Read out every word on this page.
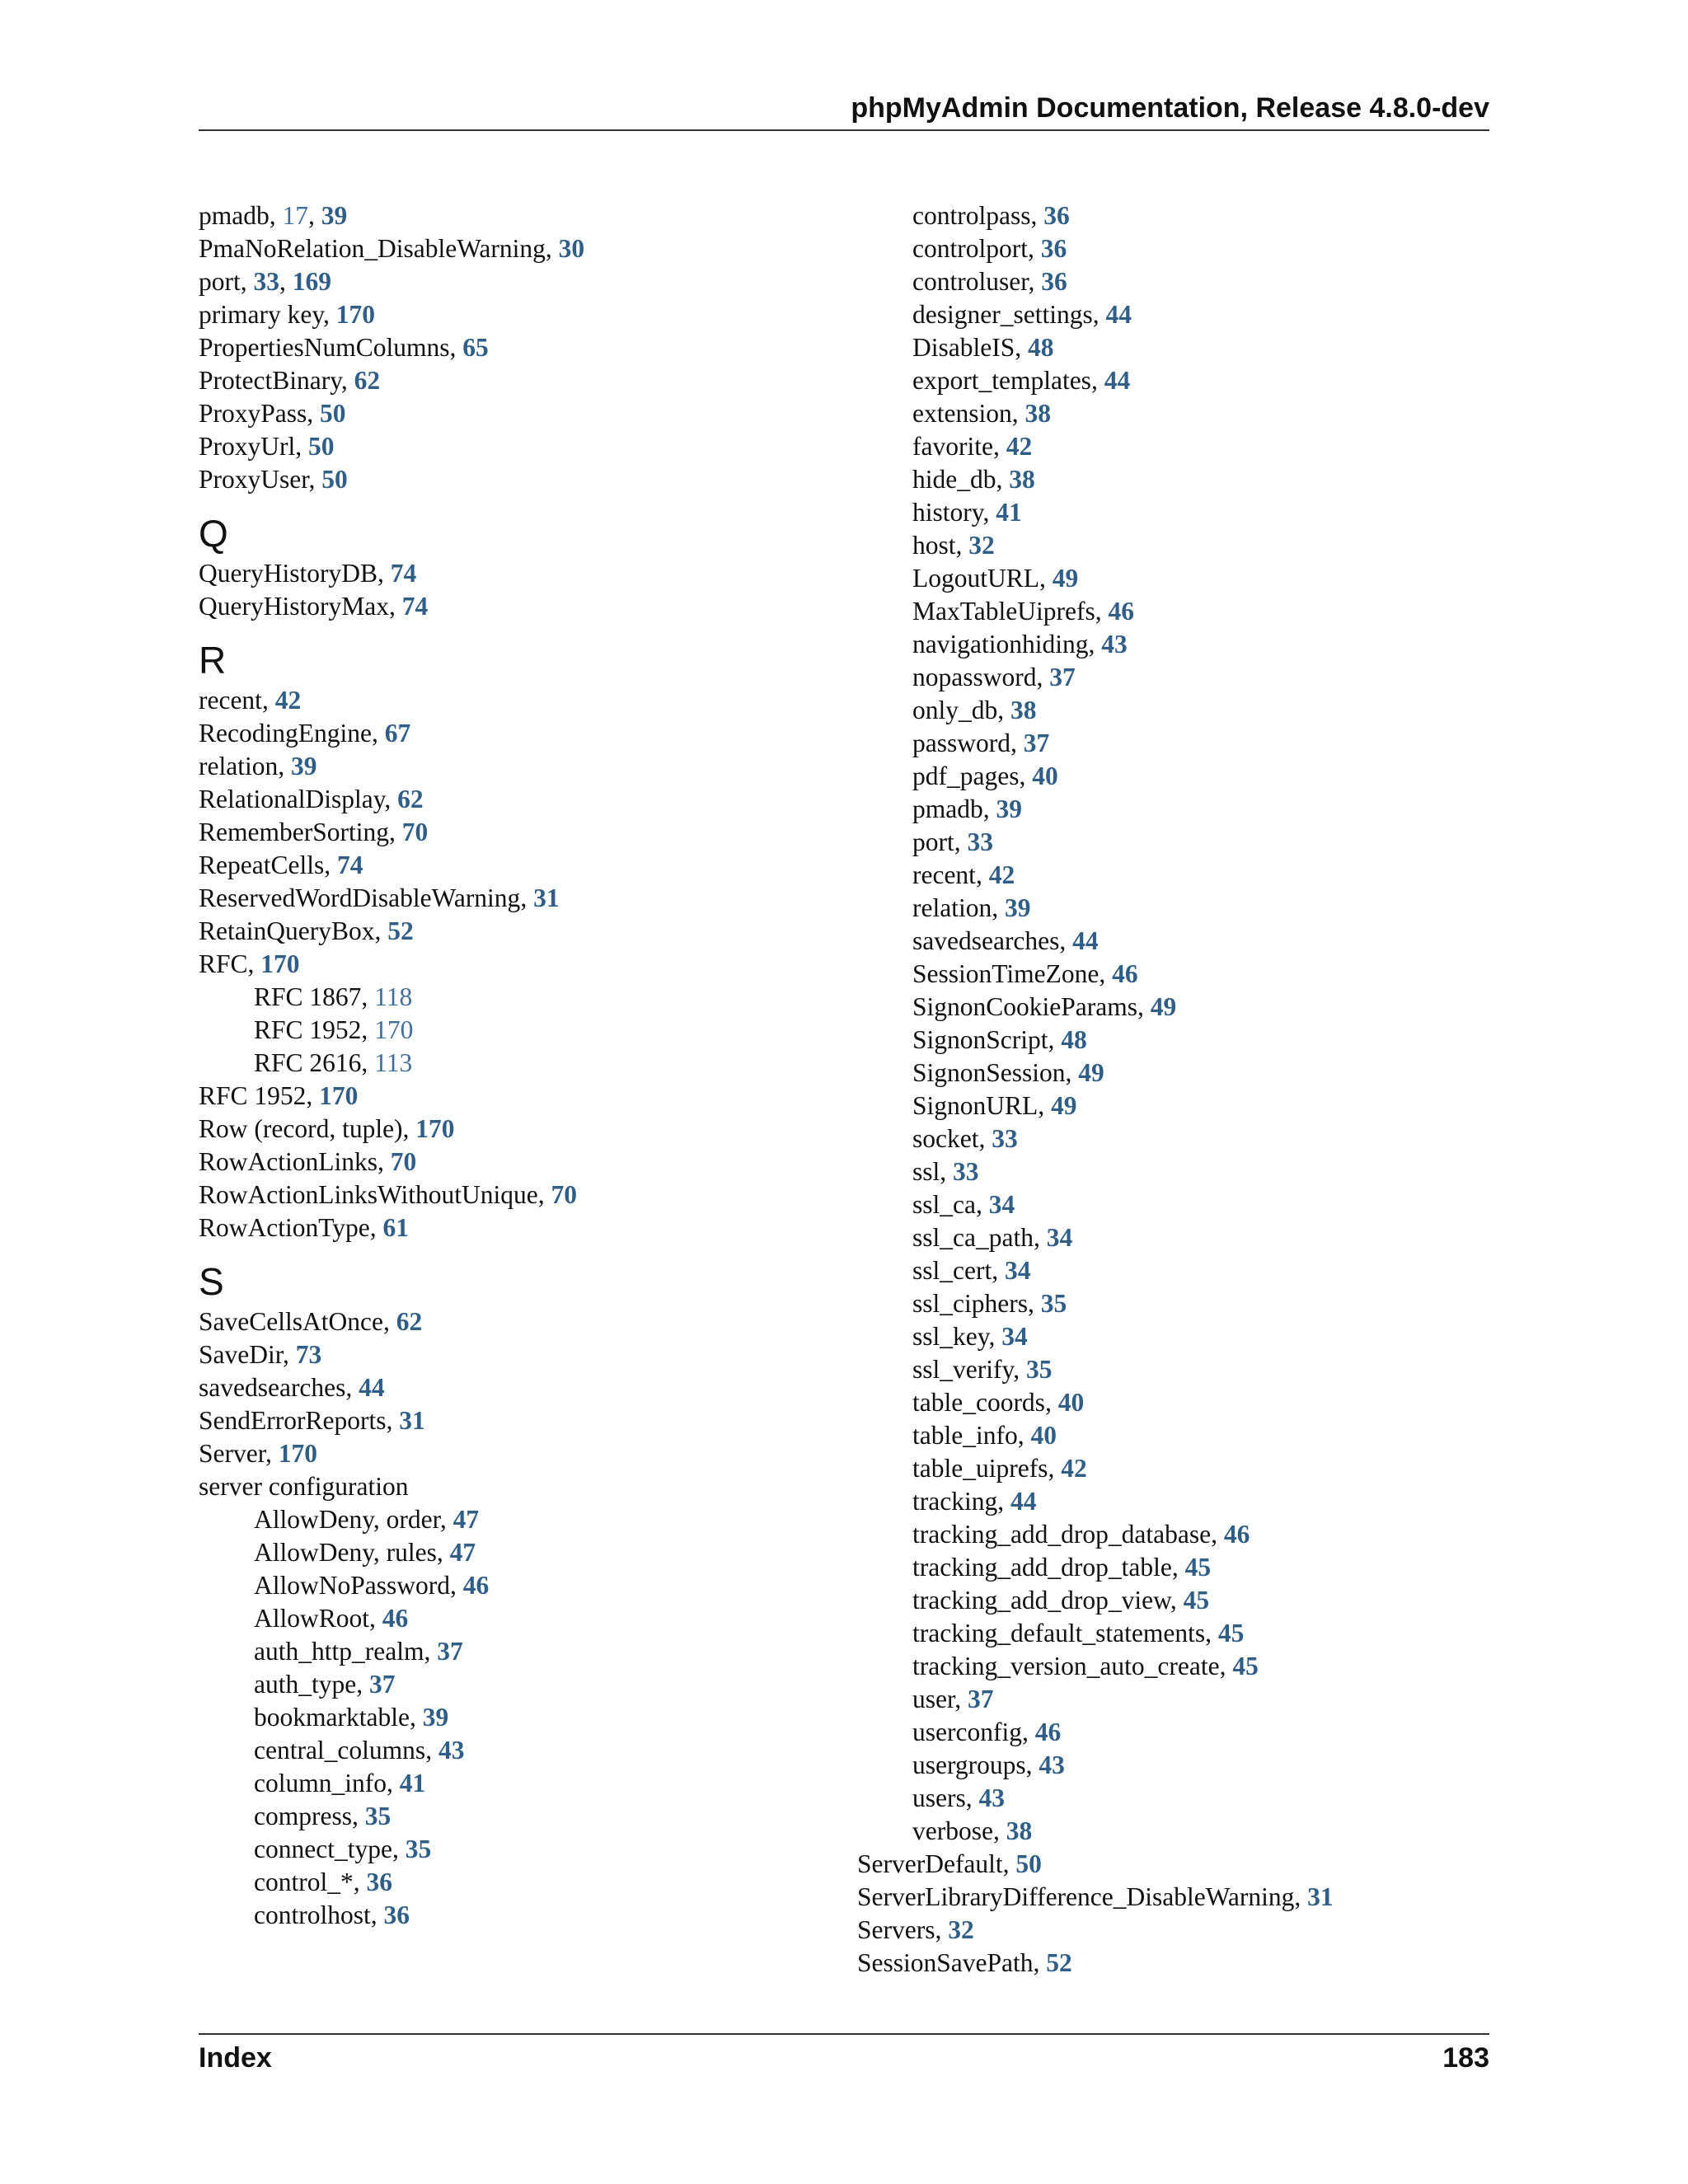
phpMyAdmin Documentation, Release 4.8.0-dev
pmadb, 17, 39
PmaNoRelation_DisableWarning, 30
port, 33, 169
primary key, 170
PropertiesNumColumns, 65
ProtectBinary, 62
ProxyPass, 50
ProxyUrl, 50
ProxyUser, 50
Q
QueryHistoryDB, 74
QueryHistoryMax, 74
R
recent, 42
RecodingEngine, 67
relation, 39
RelationalDisplay, 62
RememberSorting, 70
RepeatCells, 74
ReservedWordDisableWarning, 31
RetainQueryBox, 52
RFC, 170
RFC 1867, 118
RFC 1952, 170
RFC 2616, 113
RFC 1952, 170
Row (record, tuple), 170
RowActionLinks, 70
RowActionLinksWithoutUnique, 70
RowActionType, 61
S
SaveCellsAtOnce, 62
SaveDir, 73
savedsearches, 44
SendErrorReports, 31
Server, 170
server configuration
AllowDeny, order, 47
AllowDeny, rules, 47
AllowNoPassword, 46
AllowRoot, 46
auth_http_realm, 37
auth_type, 37
bookmarktable, 39
central_columns, 43
column_info, 41
compress, 35
connect_type, 35
control_*, 36
controlhost, 36
controlpass, 36
controlport, 36
controluser, 36
designer_settings, 44
DisableIS, 48
export_templates, 44
extension, 38
favorite, 42
hide_db, 38
history, 41
host, 32
LogoutURL, 49
MaxTableUiprefs, 46
navigationhiding, 43
nopassword, 37
only_db, 38
password, 37
pdf_pages, 40
pmadb, 39
port, 33
recent, 42
relation, 39
savedsearches, 44
SessionTimeZone, 46
SignonCookieParams, 49
SignonScript, 48
SignonSession, 49
SignonURL, 49
socket, 33
ssl, 33
ssl_ca, 34
ssl_ca_path, 34
ssl_cert, 34
ssl_ciphers, 35
ssl_key, 34
ssl_verify, 35
table_coords, 40
table_info, 40
table_uiprefs, 42
tracking, 44
tracking_add_drop_database, 46
tracking_add_drop_table, 45
tracking_add_drop_view, 45
tracking_default_statements, 45
tracking_version_auto_create, 45
user, 37
userconfig, 46
usergroups, 43
users, 43
verbose, 38
ServerDefault, 50
ServerLibraryDifference_DisableWarning, 31
Servers, 32
SessionSavePath, 52
Index	183
